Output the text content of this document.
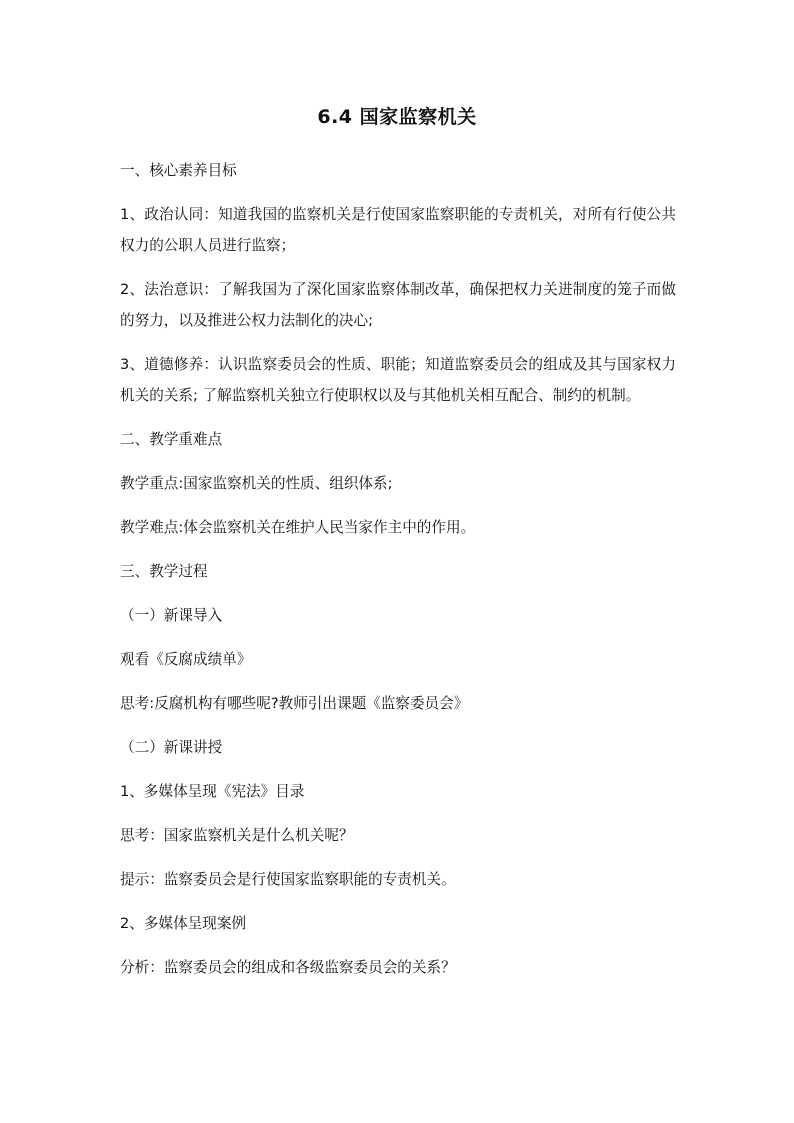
6.4 国家监察机关

一、核心素养目标

1、政治认同：知道我国的监察机关是行使国家监察职能的专责机关，对所有行使公共权力的公职人员进行监察；

2、法治意识：了解我国为了深化国家监察体制改革，确保把权力关进制度的笼子而做的努力，以及推进公权力法制化的决心;

3、道德修养：认识监察委员会的性质、职能；知道监察委员会的组成及其与国家权力机关的关系; 了解监察机关独立行使职权以及与其他机关相互配合、制约的机制。

二、教学重难点

教学重点:国家监察机关的性质、组织体系;

教学难点:体会监察机关在维护人民当家作主中的作用。

三、教学过程

（一）新课导入

观看《反腐成绩单》

思考:反腐机构有哪些呢?教师引出课题《监察委员会》

（二）新课讲授

1、多媒体呈现《宪法》目录

思考：国家监察机关是什么机关呢？

提示：监察委员会是行使国家监察职能的专责机关。

2、多媒体呈现案例

分析：监察委员会的组成和各级监察委员会的关系？
